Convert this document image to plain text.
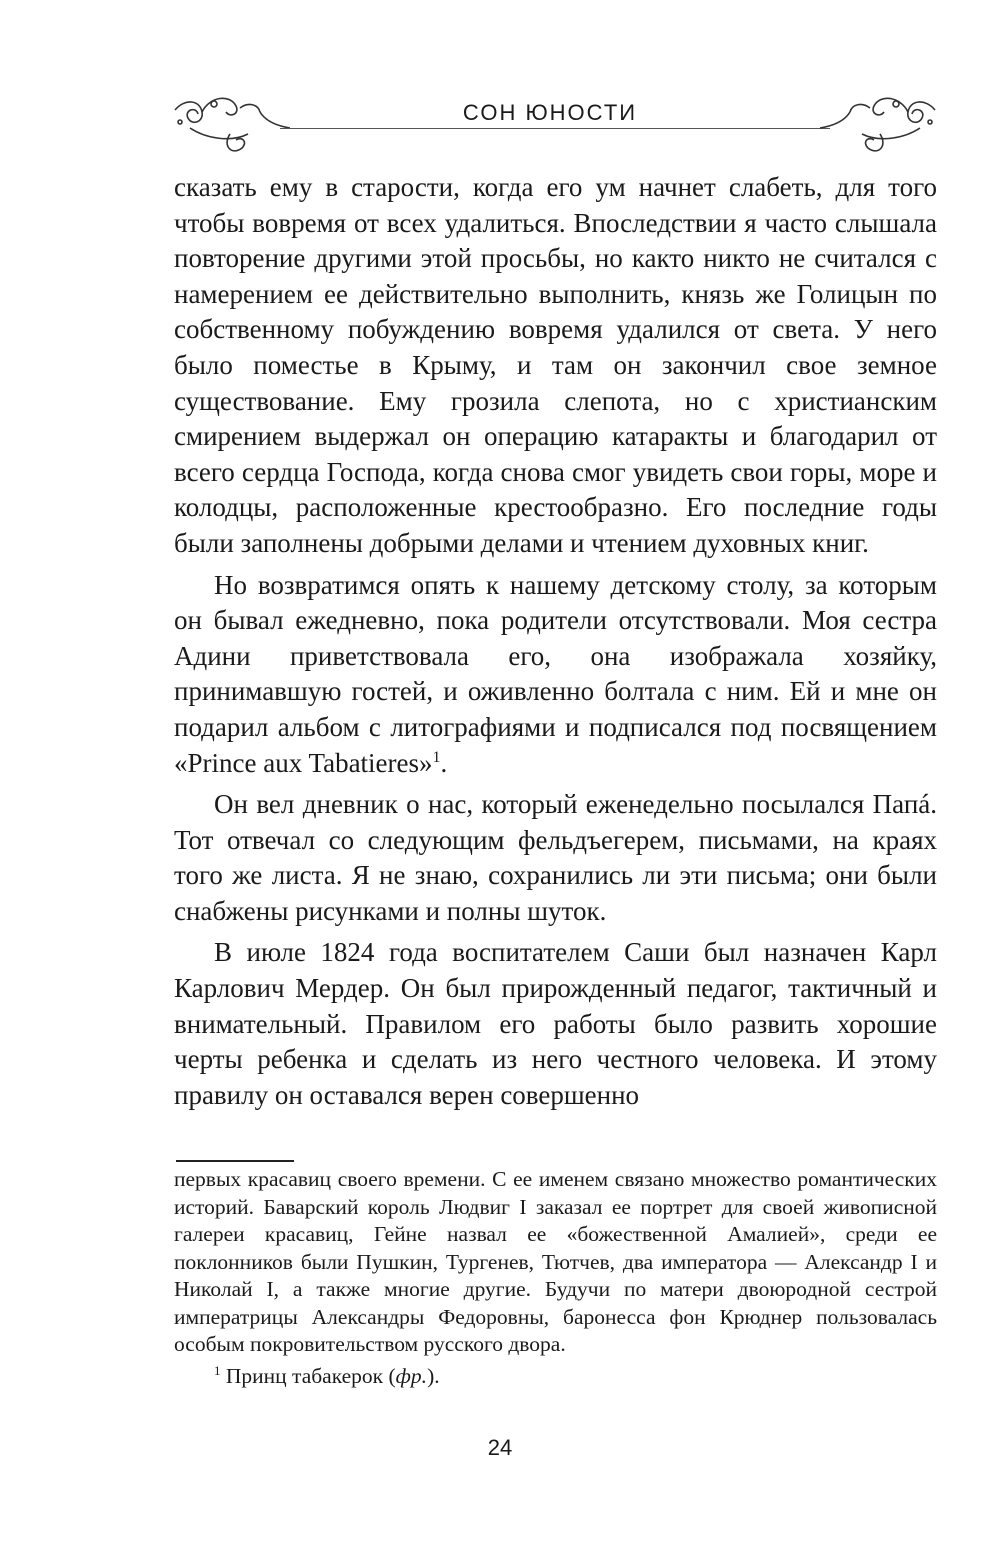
СОН ЮНОСТИ

сказать ему в старости, когда его ум начнет слабеть, для того чтобы вовремя от всех удалиться. Впоследствии я часто слышала повторение другими этой просьбы, но както никто не считался с намерением ее действительно выполнить, князь же Голицын по собственному побуждению вовремя удалился от света. У него было поместье в Крыму, и там он закончил свое земное существование. Ему грозила слепота, но с христианским смирением выдержал он операцию катаракты и благодарил от всего сердца Господа, когда снова смог увидеть свои горы, море и колодцы, расположенные крестообразно. Его последние годы были заполнены добрыми делами и чтением духовных книг.

Но возвратимся опять к нашему детскому столу, за которым он бывал ежедневно, пока родители отсутствовали. Моя сестра Адини приветствовала его, она изображала хозяйку, принимавшую гостей, и оживленно болтала с ним. Ей и мне он подарил альбом с литографиями и подписался под посвящением «Prince aux Tabatieres»$^1$.

Он вел дневник о нас, который еженедельно посылался Папá. Тот отвечал со следующим фельдъегерем, письмами, на краях того же листа. Я не знаю, сохранились ли эти письма; они были снабжены рисунками и полны шуток.

В июле 1824 года воспитателем Саши был назначен Карл Карлович Мердер. Он был прирожденный педагог, тактичный и внимательный. Правилом его работы было развить хорошие черты ребенка и сделать из него честного человека. И этому правилу он оставался верен совершенно

первых красавиц своего времени. С ее именем связано множество романтических историй. Баварский король Людвиг I заказал ее портрет для своей живописной галереи красавиц, Гейне назвал ее «божественной Амалией», среди ее поклонников были Пушкин, Тургенев, Тютчев, два императора — Александр I и Николай I, а также многие другие. Будучи по матери двоюродной сестрой императрицы Александры Федоровны, баронесса фон Крюднер пользовалась особым покровительством русского двора.

$^1$ Принц табакерок (фр.).

24
